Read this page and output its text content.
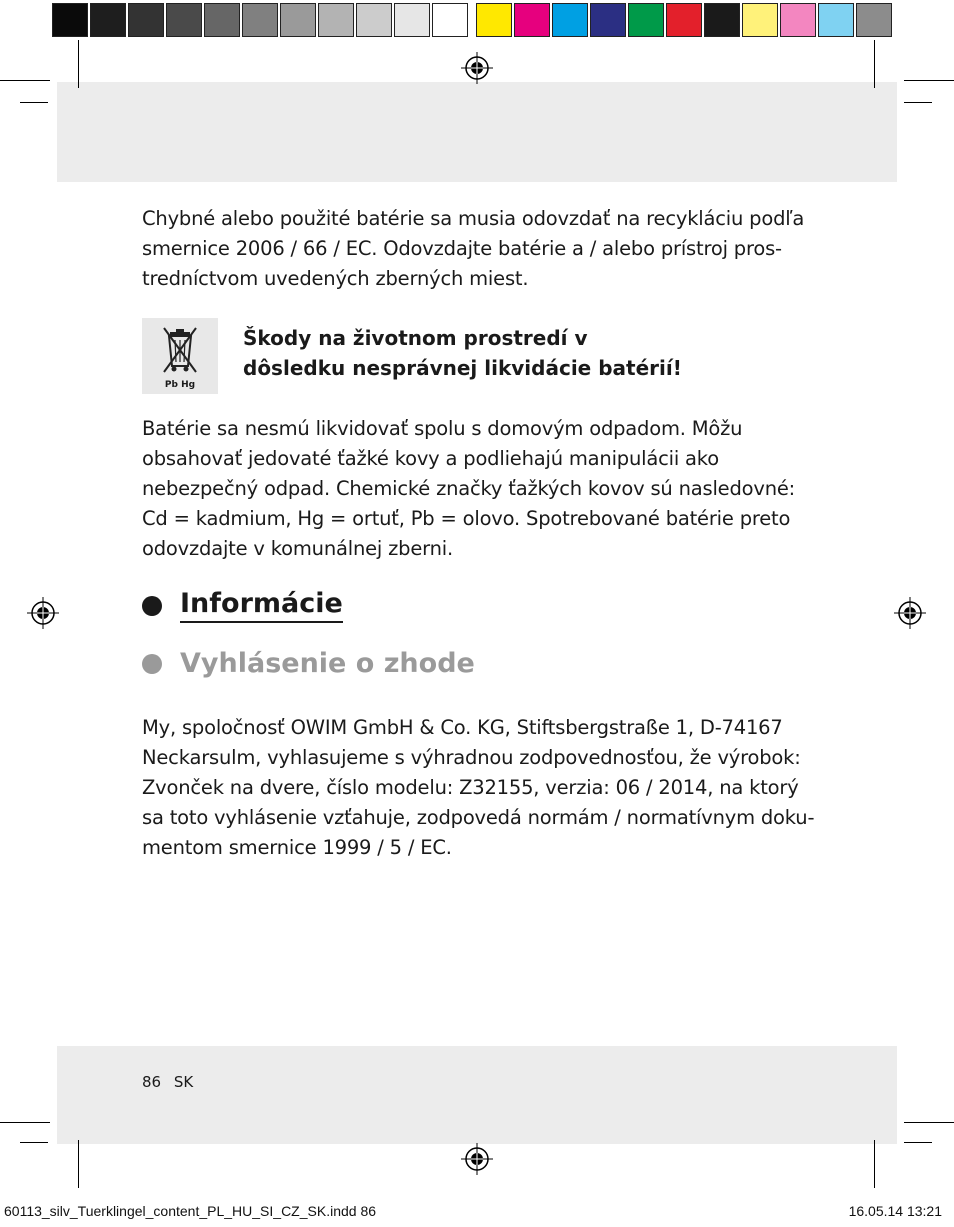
Chybné alebo použité batérie sa musia odovzdať na recykláciu podľa smernice 2006 / 66 / EC. Odovzdajte batérie a / alebo prístroj pros-tredníctvom uvedených zberných miest.

Pb Hg

Škody na životnom prostredí v
dôsledku nesprávnej likvidácie batérií!

Batérie sa nesmú likvidovať spolu s domovým odpadom. Môžu obsahovať jedovaté ťažké kovy a podliehajú manipulácii ako nebezpečný odpad. Chemické značky ťažkých kovov sú nasledovné: Cd = kadmium, Hg = ortuť, Pb = olovo. Spotrebované batérie preto odovzdajte v komunálnej zberni.

Informácie
Vyhlásenie o zhode

My, spoločnosť OWIM GmbH & Co. KG, Stiftsbergstraße 1, D-74167 Neckarsulm, vyhlasujeme s výhradnou zodpovednosťou, že výrobok: Zvonček na dvere, číslo modelu: Z32155, verzia: 06 / 2014, na ktorý sa toto vyhlásenie vzťahuje, zodpovedá normám / normatívnym doku-mentom smernice 1999 / 5 / EC.

86 SK
60113_silv_Tuerklingel_content_PL_HU_SI_CZ_SK.indd 86	16.05.14 13:21
